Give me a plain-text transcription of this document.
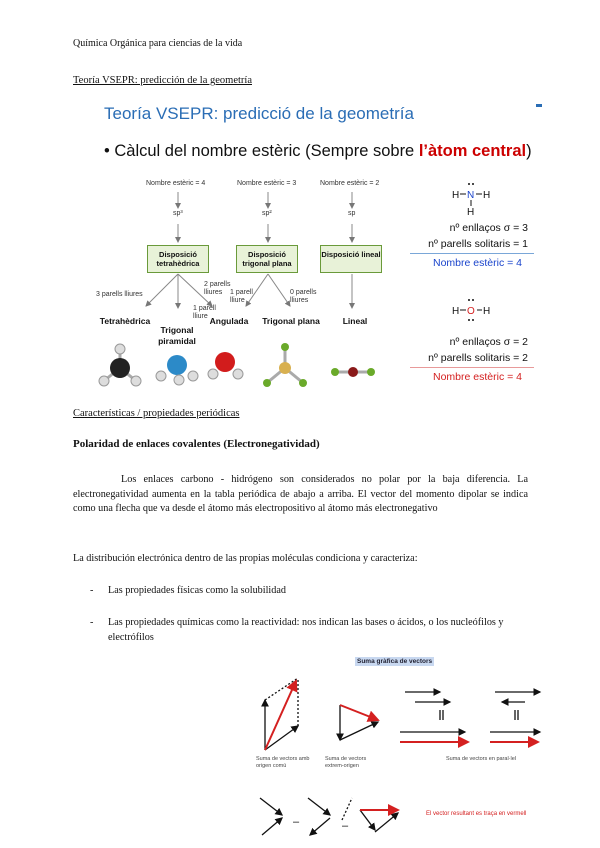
Química Orgánica para ciencias de la vida
Teoría VSEPR: predicción de la geometría
Teoría VSEPR: predicció de la geometría
• Càlcul del nombre estèric (Sempre sobre l’àtom central)
Nombre estèric = 4	Nombre estèric = 3	Nombre estèric = 2
sp³	sp²	sp
Disposició tetrahèdrica
Disposició trigonal plana
Disposició lineal
3 parells lliures
1 parell lliure
2 parells lliures	1 parell lliure
0 parells lliures
Tetrahèdrica
Trigonal piramidal
Angulada	Trigonal plana	Lineal
H N H
H
nº enllaços σ = 3
nº parells solitaris = 1
Nombre estèric = 4
H O H
nº enllaços σ = 2
nº parells solitaris = 2
Nombre estèric = 4
Características / propiedades periódicas
Polaridad de enlaces covalentes (Electronegatividad)
Los enlaces carbono - hidrógeno son considerados no polar por la baja diferencia. La electronegatividad aumenta en la tabla periódica de abajo a arriba. El vector del momento dipolar se indica como una flecha que va desde el átomo más electropositivo al átomo más electronegativo
La distribución electrónica dentro de las propias moléculas condiciona y caracteriza:
- Las propiedades físicas como la solubilidad
- Las propiedades químicas como la reactividad: nos indican las bases o ácidos, o los nucleófilos y electrófilos
Suma gràfica de vectors
Suma de vectors amb origen comú
Suma de vectors extrem-origen
Suma de vectors en paral·lel
–	–
El vector resultant es traça en vermell
